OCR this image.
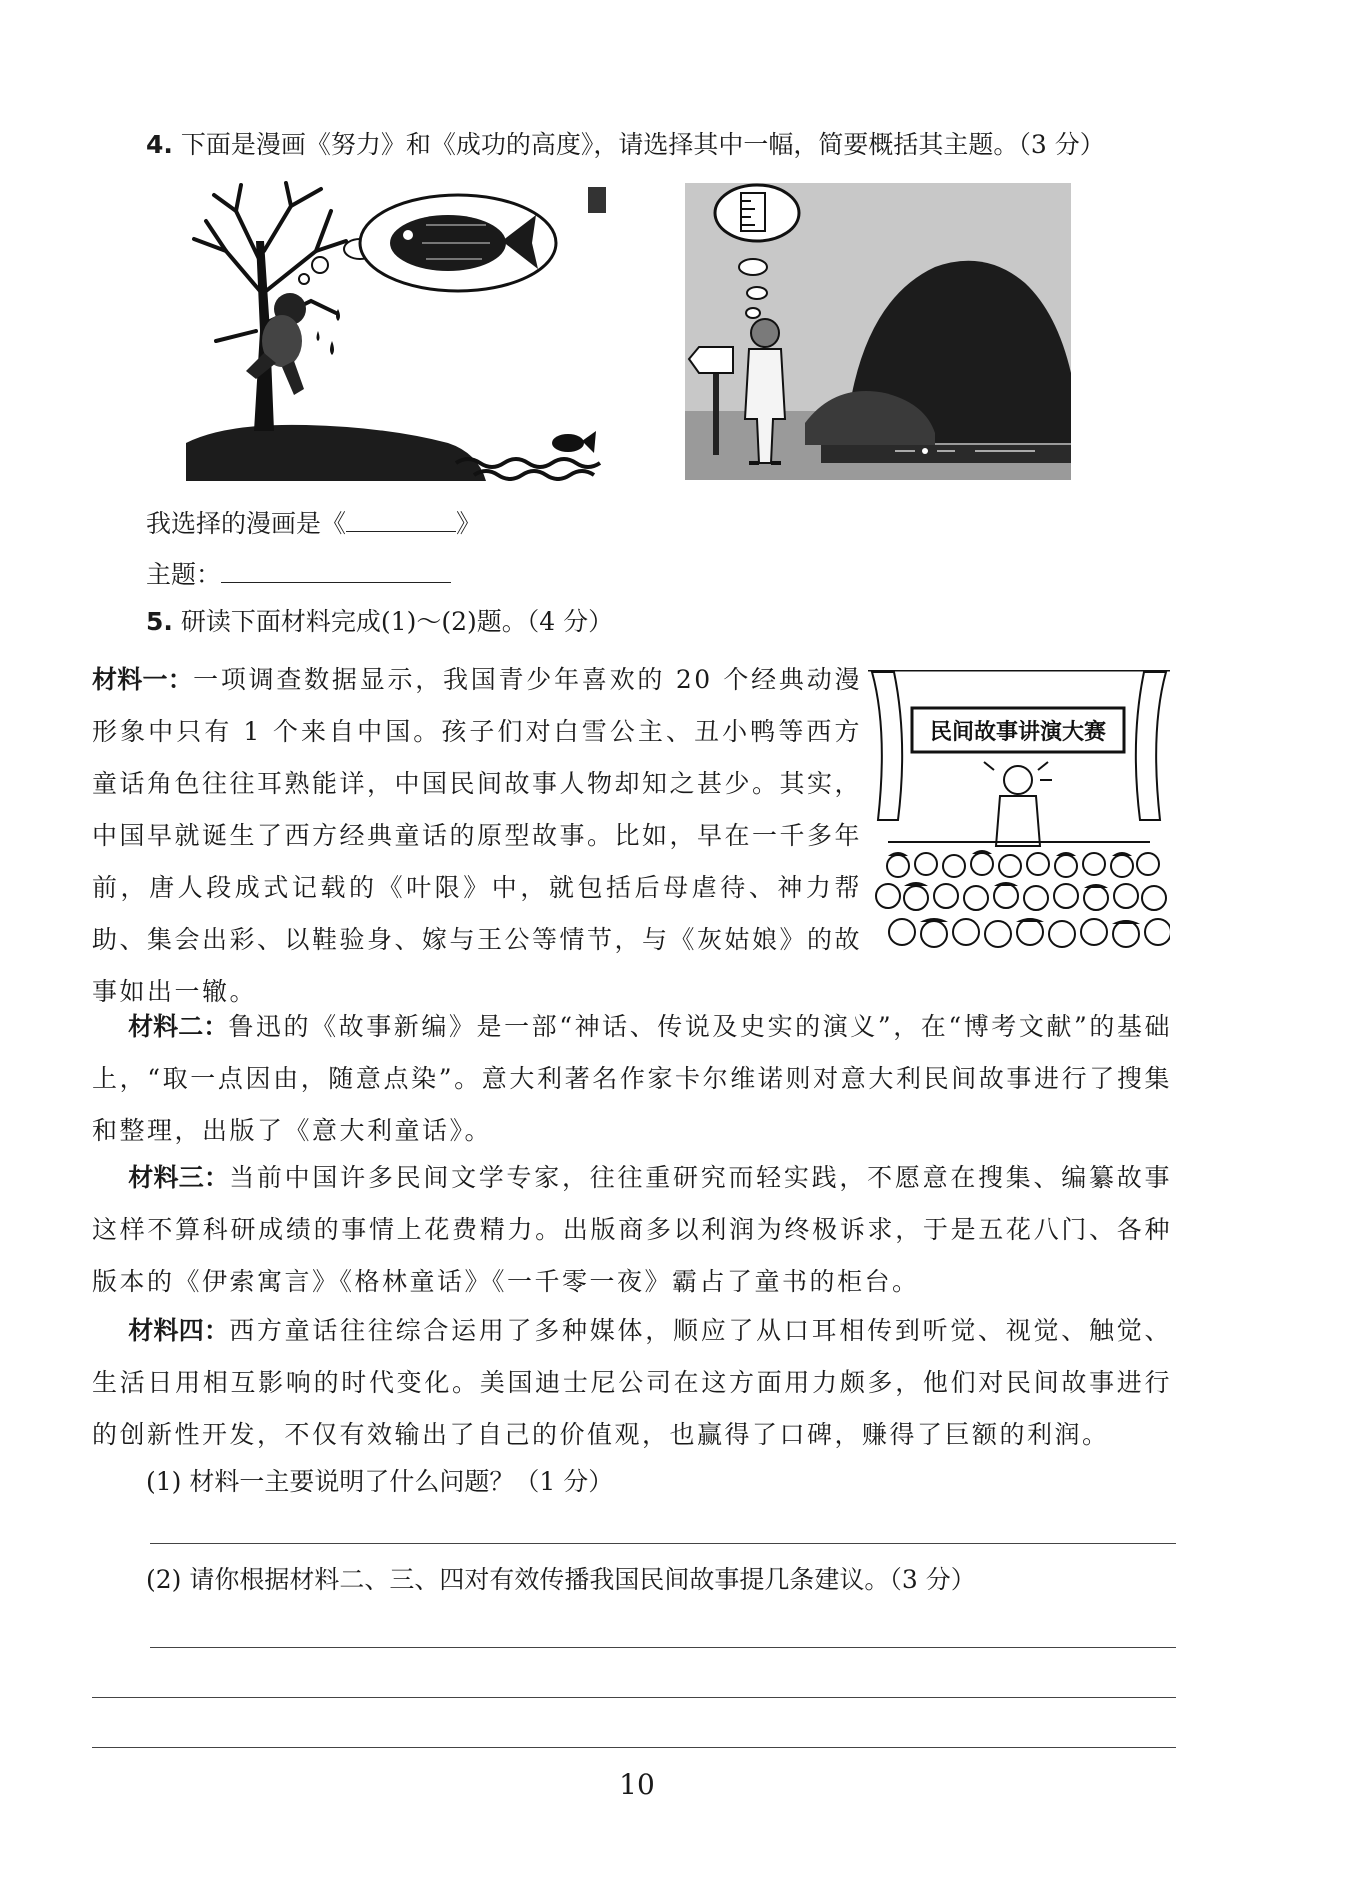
4. 下面是漫画《努力》和《成功的高度》，请选择其中一幅，简要概括其主题。（3 分）
我选择的漫画是《	》
主题：
5. 研读下面材料完成(1)～(2)题。（4 分）
民间故事讲演大赛
材料一：一项调查数据显示，我国青少年喜欢的 20 个经典动漫形象中只有 1 个来自中国。孩子们对白雪公主、丑小鸭等西方童话角色往往耳熟能详，中国民间故事人物却知之甚少。其实，中国早就诞生了西方经典童话的原型故事。比如，早在一千多年前，唐人段成式记载的《叶限》中，就包括后母虐待、神力帮助、集会出彩、以鞋验身、嫁与王公等情节，与《灰姑娘》的故事如出一辙。
材料二：鲁迅的《故事新编》是一部“神话、传说及史实的演义”，在“博考文献”的基础上，“取一点因由，随意点染”。意大利著名作家卡尔维诺则对意大利民间故事进行了搜集和整理，出版了《意大利童话》。
材料三：当前中国许多民间文学专家，往往重研究而轻实践，不愿意在搜集、编纂故事这样不算科研成绩的事情上花费精力。出版商多以利润为终极诉求，于是五花八门、各种版本的《伊索寓言》《格林童话》《一千零一夜》霸占了童书的柜台。
材料四：西方童话往往综合运用了多种媒体，顺应了从口耳相传到听觉、视觉、触觉、生活日用相互影响的时代变化。美国迪士尼公司在这方面用力颇多，他们对民间故事进行的创新性开发，不仅有效输出了自己的价值观，也赢得了口碑，赚得了巨额的利润。
(1) 材料一主要说明了什么问题？（1 分）
(2) 请你根据材料二、三、四对有效传播我国民间故事提几条建议。（3 分）
10
